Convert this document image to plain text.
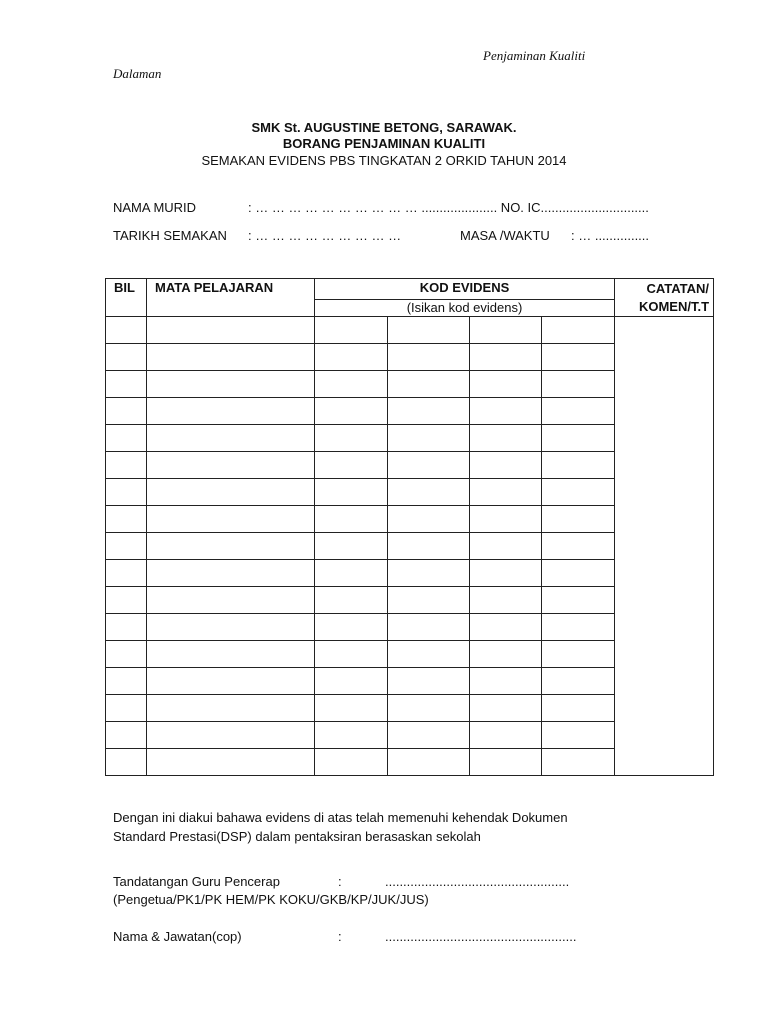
Penjaminan Kualiti
Dalaman
SMK St. AUGUSTINE BETONG, SARAWAK.
BORANG PENJAMINAN KUALITI
SEMAKAN EVIDENS PBS TINGKATAN 2 ORKID TAHUN 2014
NAMA MURID	: … … … … … … … … … … ..................... NO. IC..............................
TARIKH SEMAKAN : … … … … … … … … …	MASA /WAKTU : … ...............
BIL	MATA PELAJARAN	KOD EVIDENS				CATATAN/
KOMEN/T.T
		(Isikan kod evidens)				

Dengan ini diakui bahawa evidens di atas telah memenuhi kehendak Dokumen
Standard Prestasi(DSP) dalam pentaksiran berasaskan sekolah
Tandatangan Guru Pencerap	:	...................................................
(Pengetua/PK1/PK HEM/PK KOKU/GKB/KP/JUK/JUS)
Nama & Jawatan(cop)	:	.....................................................
